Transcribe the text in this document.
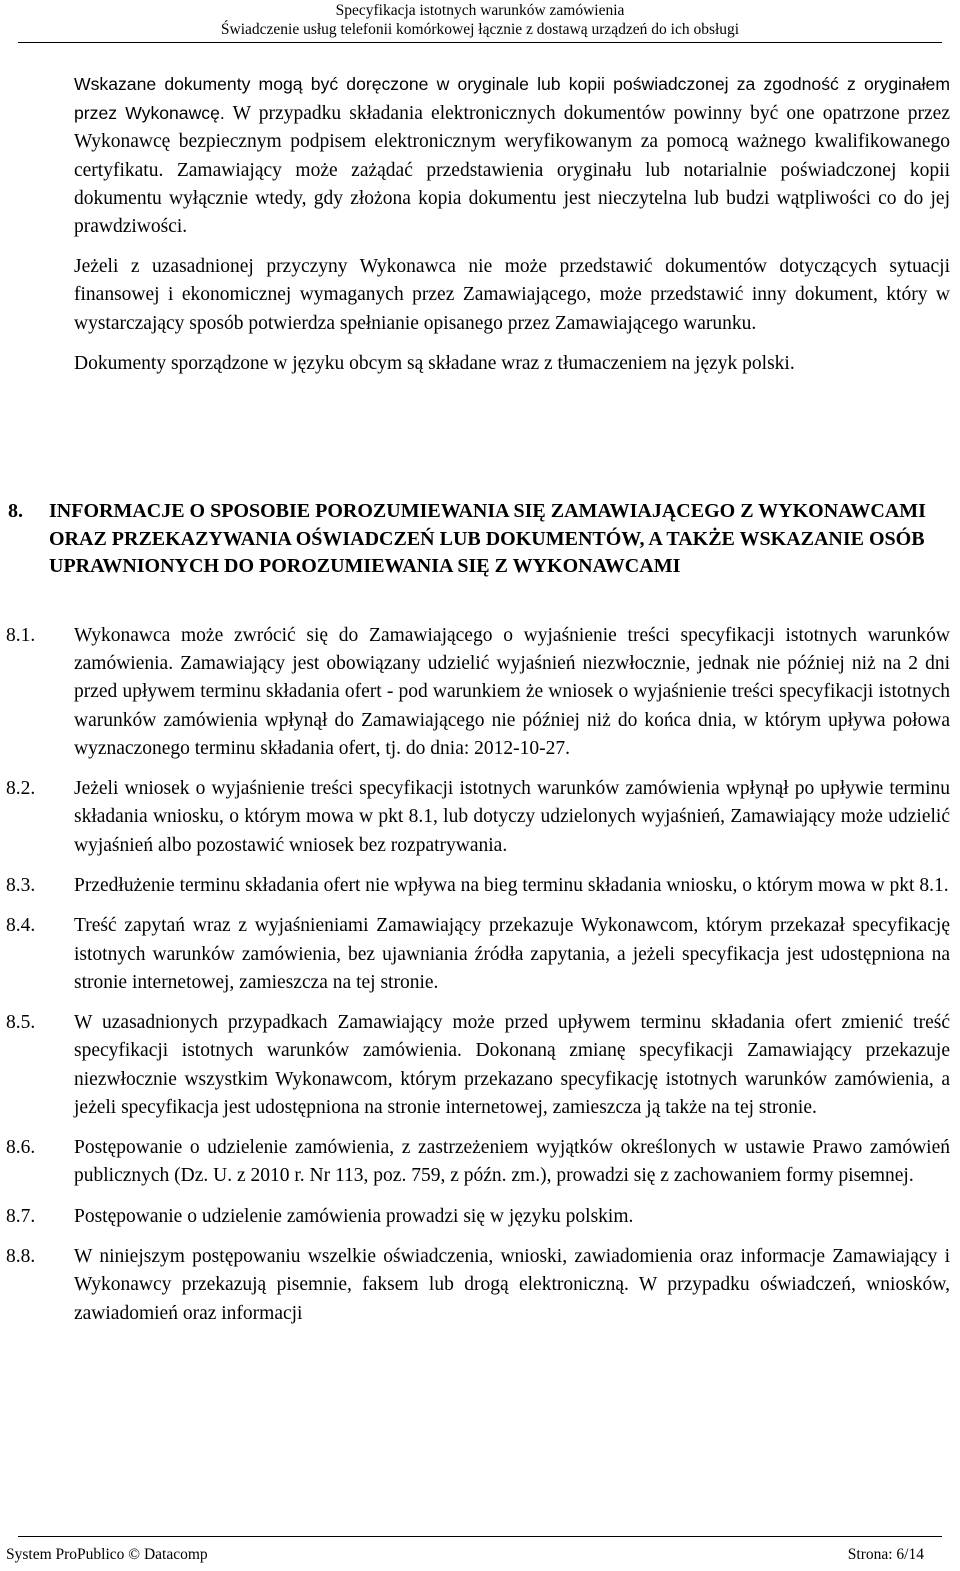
Specyfikacja istotnych warunków zamówienia
Świadczenie usług telefonii komórkowej łącznie z dostawą urządzeń do ich obsługi

Wskazane dokumenty mogą być doręczone w oryginale lub kopii poświadczonej za zgodność z oryginałem przez Wykonawcę. W przypadku składania elektronicznych dokumentów powinny być one opatrzone przez Wykonawcę bezpiecznym podpisem elektronicznym weryfikowanym za pomocą ważnego kwalifikowanego certyfikatu. Zamawiający może zażądać przedstawienia oryginału lub notarialnie poświadczonej kopii dokumentu wyłącznie wtedy, gdy złożona kopia dokumentu jest nieczytelna lub budzi wątpliwości co do jej prawdziwości.

Jeżeli z uzasadnionej przyczyny Wykonawca nie może przedstawić dokumentów dotyczących sytuacji finansowej i ekonomicznej wymaganych przez Zamawiającego, może przedstawić inny dokument, który w wystarczający sposób potwierdza spełnianie opisanego przez Zamawiającego warunku.

Dokumenty sporządzone w języku obcym są składane wraz z tłumaczeniem na język polski.

8.	INFORMACJE O SPOSOBIE POROZUMIEWANIA SIĘ ZAMAWIAJĄCEGO Z WYKONAWCAMI ORAZ PRZEKAZYWANIA OŚWIADCZEŃ LUB DOKUMENTÓW, A TAKŻE WSKAZANIE OSÓB UPRAWNIONYCH DO POROZUMIEWANIA SIĘ Z WYKONAWCAMI
8.1.	Wykonawca może zwrócić się do Zamawiającego o wyjaśnienie treści specyfikacji istotnych warunków zamówienia. Zamawiający jest obowiązany udzielić wyjaśnień niezwłocznie, jednak nie później niż na 2 dni przed upływem terminu składania ofert - pod warunkiem że wniosek o wyjaśnienie treści specyfikacji istotnych warunków zamówienia wpłynął do Zamawiającego nie później niż do końca dnia, w którym upływa połowa wyznaczonego terminu składania ofert, tj. do dnia: 2012-10-27.
8.2.	Jeżeli wniosek o wyjaśnienie treści specyfikacji istotnych warunków zamówienia wpłynął po upływie terminu składania wniosku, o którym mowa w pkt 8.1, lub dotyczy udzielonych wyjaśnień, Zamawiający może udzielić wyjaśnień albo pozostawić wniosek bez rozpatrywania.
8.3.	Przedłużenie terminu składania ofert nie wpływa na bieg terminu składania wniosku, o którym mowa w pkt 8.1.
8.4.	Treść zapytań wraz z wyjaśnieniami Zamawiający przekazuje Wykonawcom, którym przekazał specyfikację istotnych warunków zamówienia, bez ujawniania źródła zapytania, a jeżeli specyfikacja jest udostępniona na stronie internetowej, zamieszcza na tej stronie.
8.5.	W uzasadnionych przypadkach Zamawiający może przed upływem terminu składania ofert zmienić treść specyfikacji istotnych warunków zamówienia. Dokonaną zmianę specyfikacji Zamawiający przekazuje niezwłocznie wszystkim Wykonawcom, którym przekazano specyfikację istotnych warunków zamówienia, a jeżeli specyfikacja jest udostępniona na stronie internetowej, zamieszcza ją także na tej stronie.
8.6.	Postępowanie o udzielenie zamówienia, z zastrzeżeniem wyjątków określonych w ustawie Prawo zamówień publicznych (Dz. U. z 2010 r. Nr 113, poz. 759, z późn. zm.), prowadzi się z zachowaniem formy pisemnej.
8.7.	Postępowanie o udzielenie zamówienia prowadzi się w języku polskim.
8.8.	W niniejszym postępowaniu wszelkie oświadczenia, wnioski, zawiadomienia oraz informacje Zamawiający i Wykonawcy przekazują pisemnie, faksem lub drogą elektroniczną. W przypadku oświadczeń, wniosków, zawiadomień oraz informacji
System ProPublico © Datacomp	Strona: 6/14
